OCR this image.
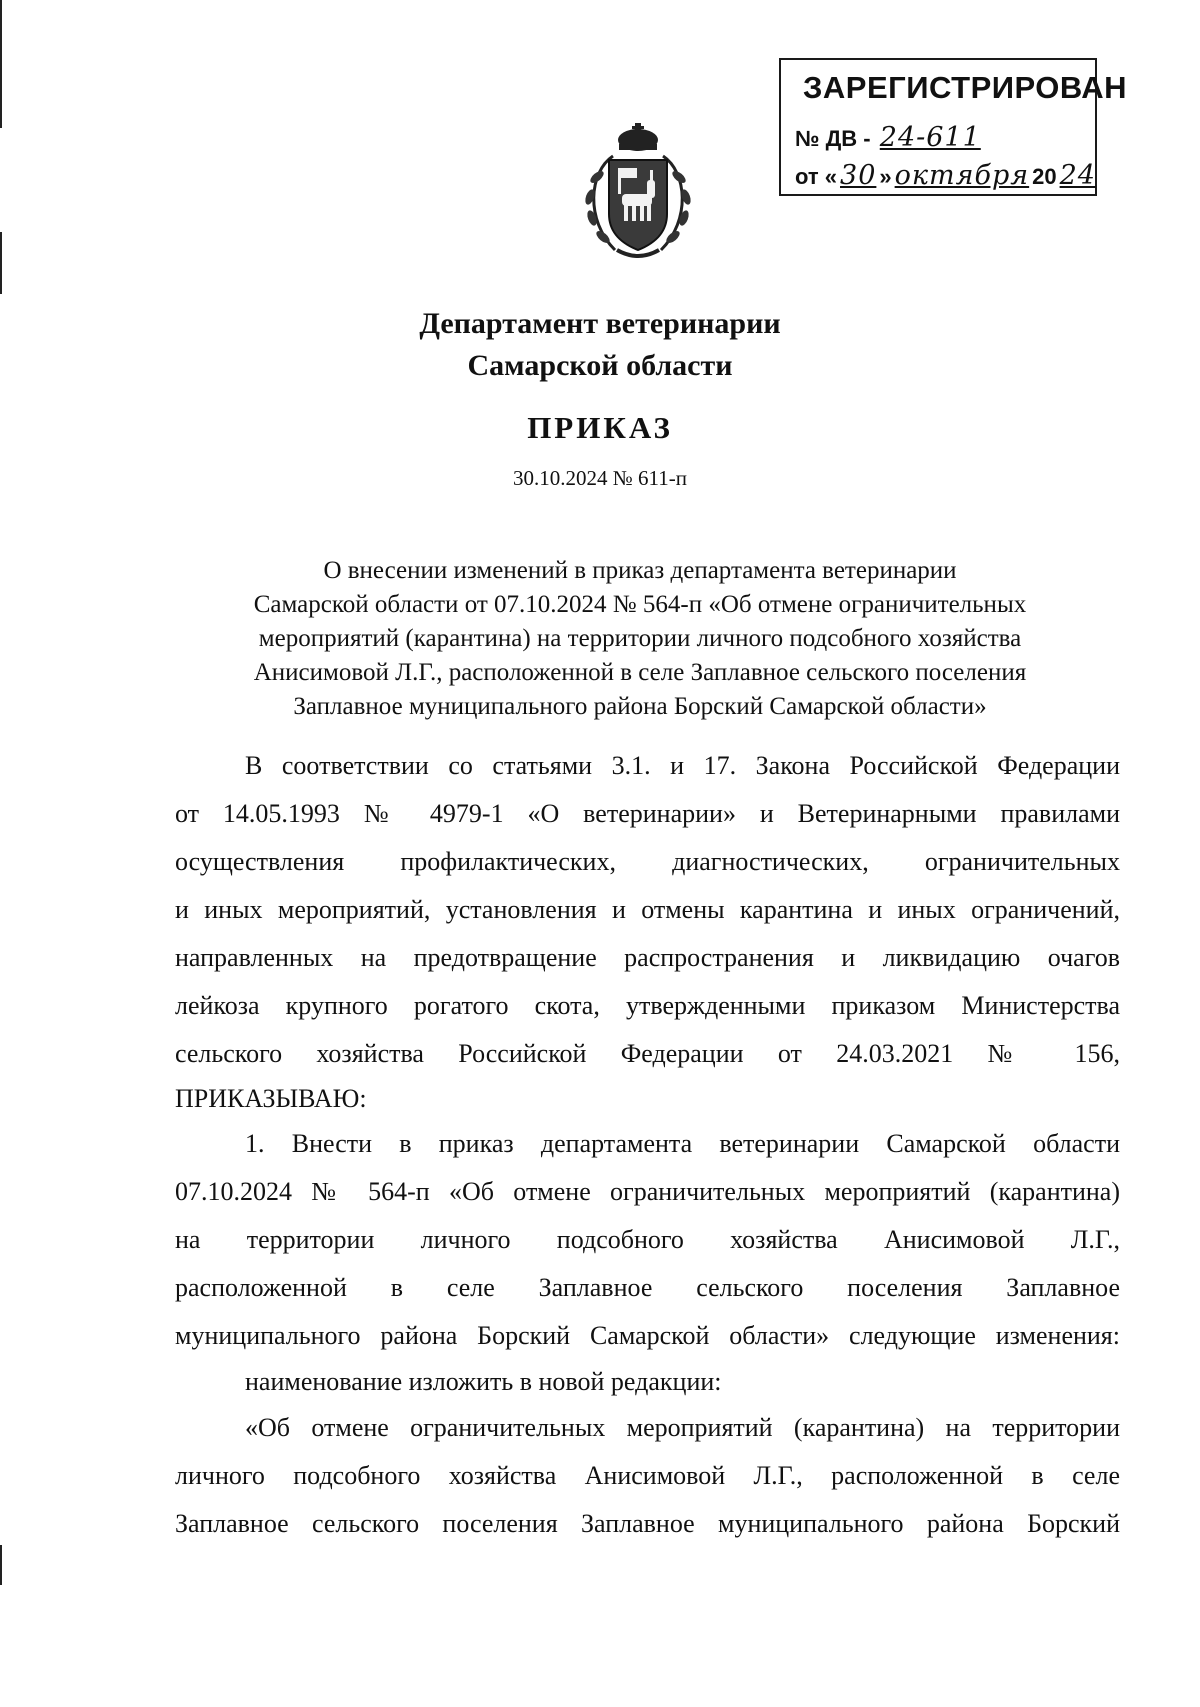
ЗАРЕГИСТРИРОВАН
№ ДВ - 24-611
от « 30 » октября 20 24
Департамент ветеринарии
Самарской области
ПРИКАЗ
30.10.2024 № 611-п
О внесении изменений в приказ департамента ветеринарии
Самарской области от 07.10.2024 № 564-п «Об отмене ограничительных
мероприятий (карантина) на территории личного подсобного хозяйства
Анисимовой Л.Г., расположенной в селе Заплавное сельского поселения
Заплавное муниципального района Борский Самарской области»
В соответствии со статьями 3.1. и 17. Закона Российской Федерации
от 14.05.1993 № 4979-1 «О ветеринарии» и Ветеринарными правилами
осуществления профилактических, диагностических, ограничительных
и иных мероприятий, установления и отмены карантина и иных ограничений,
направленных на предотвращение распространения и ликвидацию очагов
лейкоза крупного рогатого скота, утвержденными приказом Министерства
сельского хозяйства Российской Федерации от 24.03.2021 № 156,
ПРИКАЗЫВАЮ:
1. Внести в приказ департамента ветеринарии Самарской области
07.10.2024 № 564-п «Об отмене ограничительных мероприятий (карантина)
на территории личного подсобного хозяйства Анисимовой Л.Г.,
расположенной в селе Заплавное сельского поселения Заплавное
муниципального района Борский Самарской области» следующие изменения:
наименование изложить в новой редакции:
«Об отмене ограничительных мероприятий (карантина) на территории
личного подсобного хозяйства Анисимовой Л.Г., расположенной в селе
Заплавное сельского поселения Заплавное муниципального района Борский
